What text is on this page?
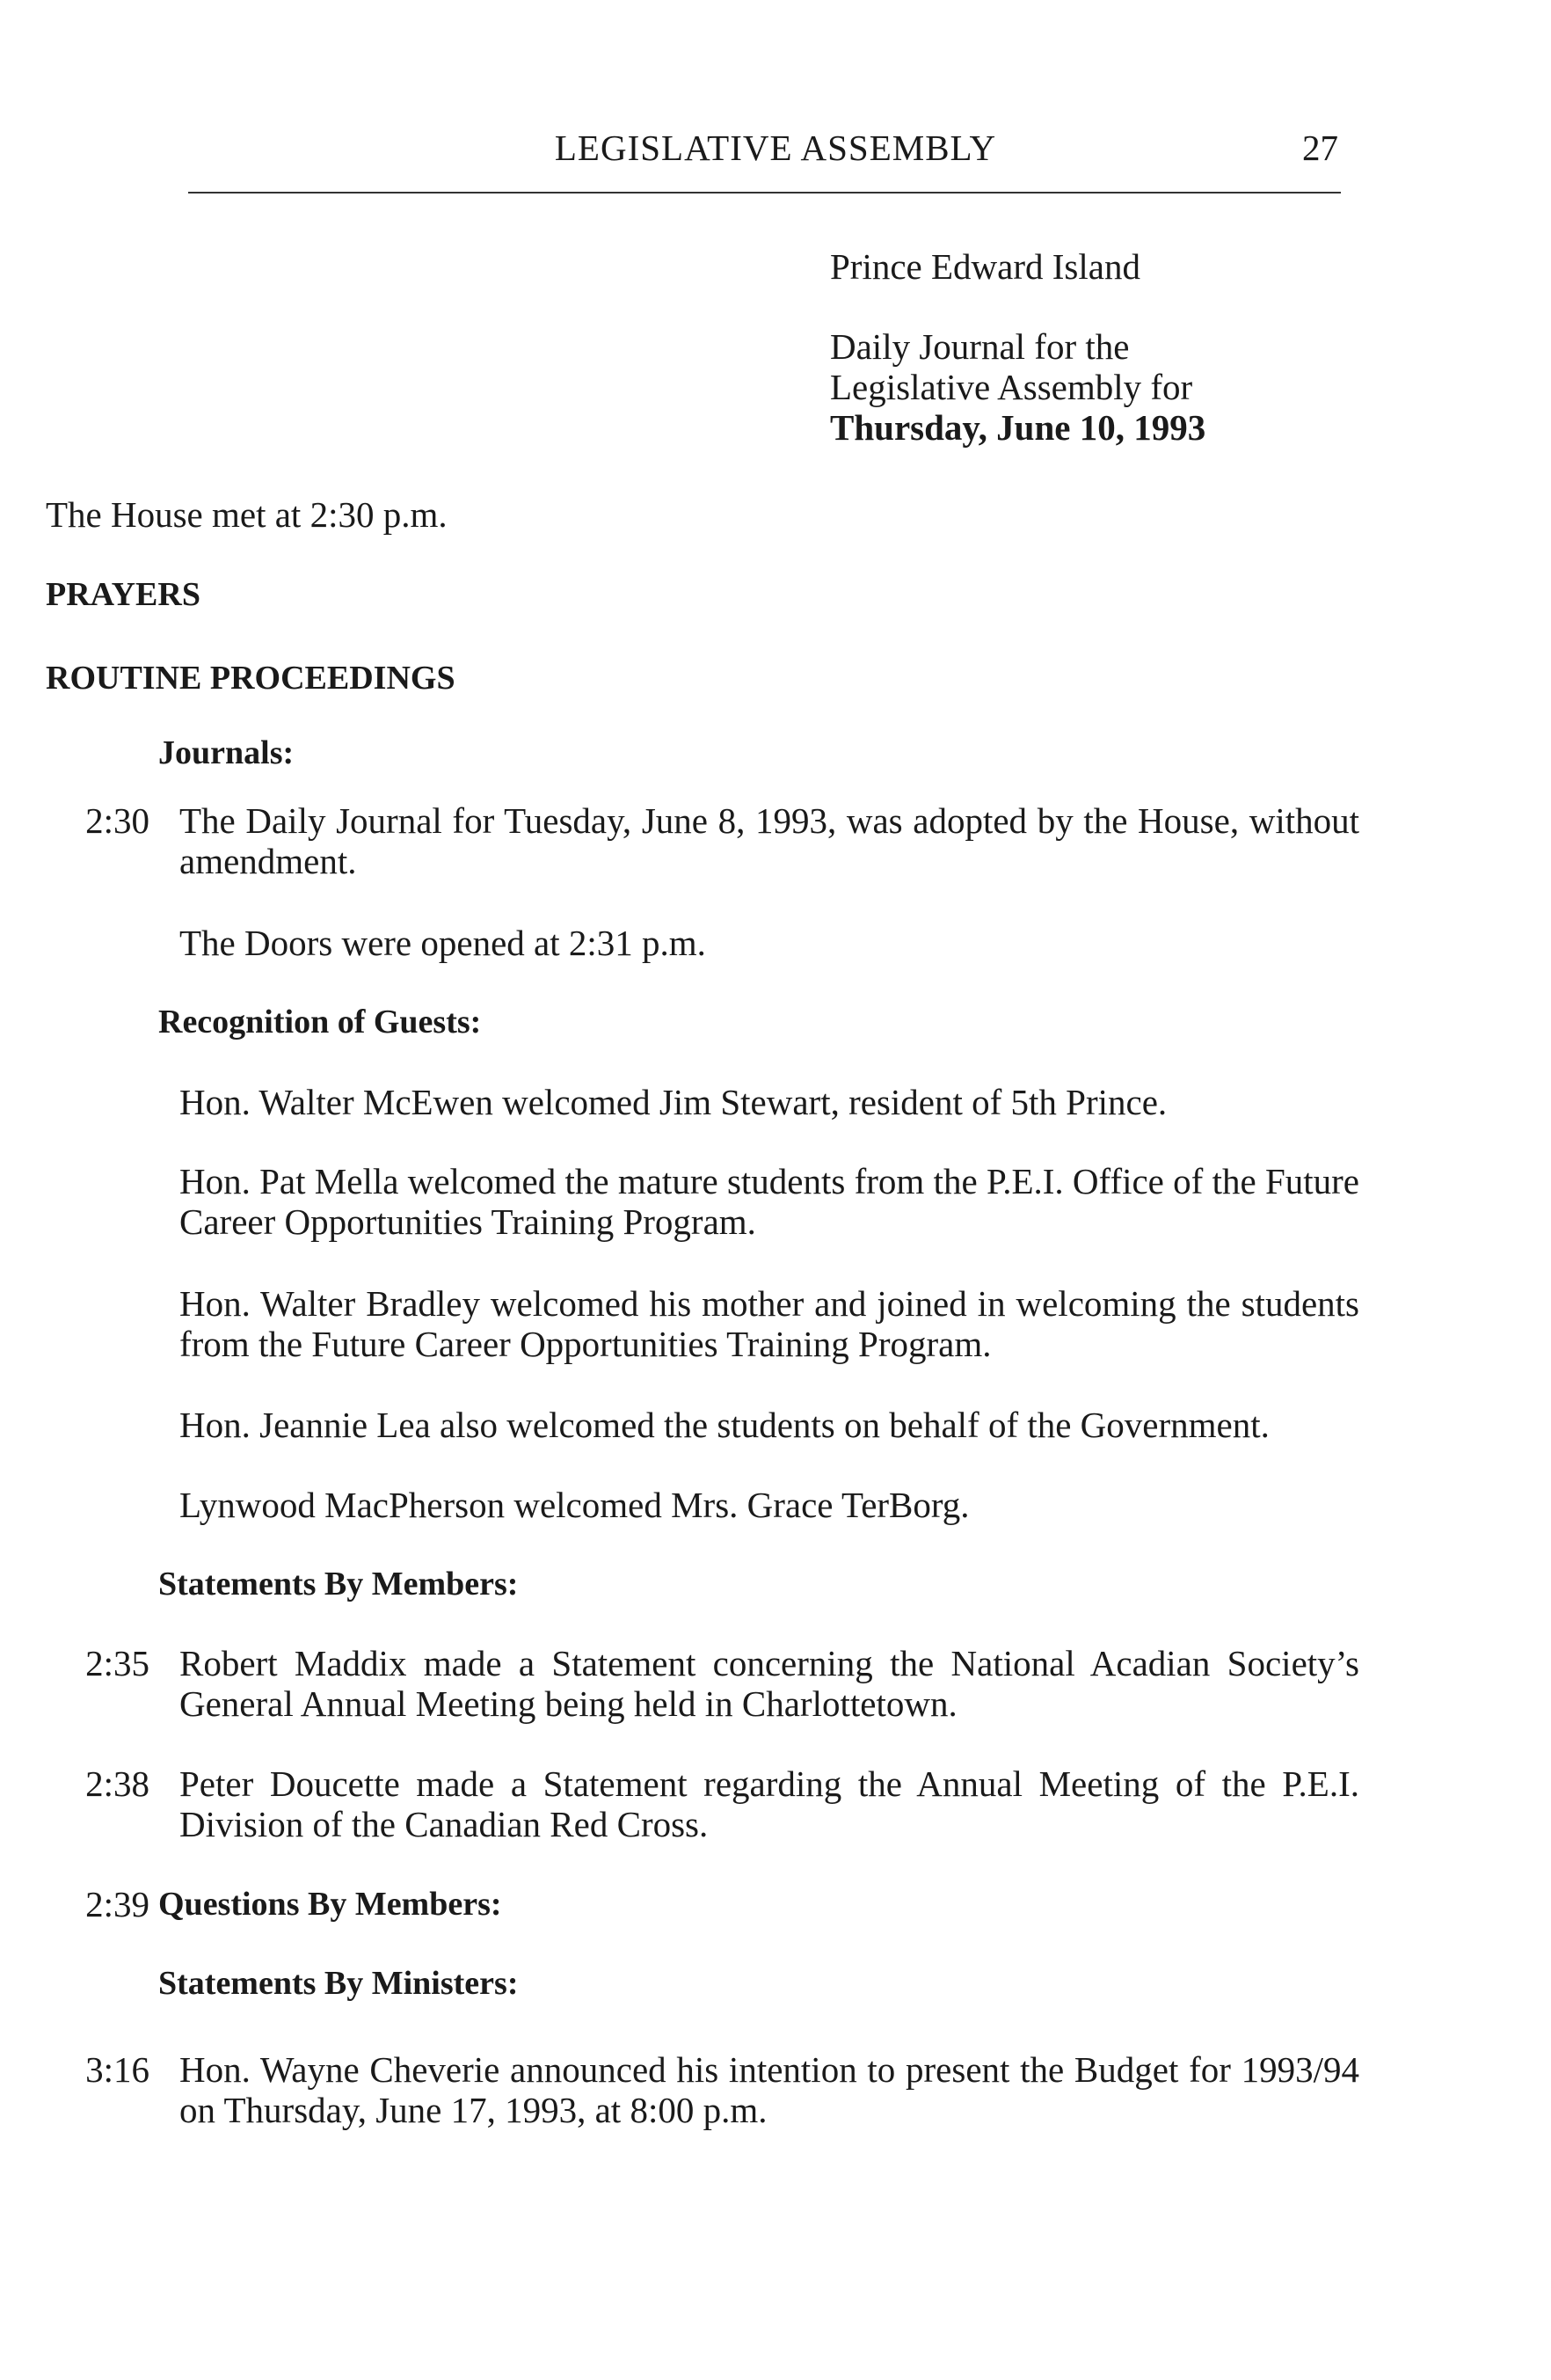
LEGISLATIVE ASSEMBLY	27
Prince Edward Island
Daily Journal for the
Legislative Assembly for
Thursday, June 10, 1993
The House met at 2:30 p.m.
PRAYERS
ROUTINE PROCEEDINGS
Journals:
2:30 The Daily Journal for Tuesday, June 8, 1993, was adopted by the House, without amendment.
The Doors were opened at 2:31 p.m.
Recognition of Guests:
Hon. Walter McEwen welcomed Jim Stewart, resident of 5th Prince.
Hon. Pat Mella welcomed the mature students from the P.E.I. Office of the Future Career Opportunities Training Program.
Hon. Walter Bradley welcomed his mother and joined in welcoming the students from the Future Career Opportunities Training Program.
Hon. Jeannie Lea also welcomed the students on behalf of the Government.
Lynwood MacPherson welcomed Mrs. Grace TerBorg.
Statements By Members:
2:35 Robert Maddix made a Statement concerning the National Acadian Society’s General Annual Meeting being held in Charlottetown.
2:38 Peter Doucette made a Statement regarding the Annual Meeting of the P.E.I. Division of the Canadian Red Cross.
2:39 Questions By Members:
Statements By Ministers:
3:16 Hon. Wayne Cheverie announced his intention to present the Budget for 1993/94 on Thursday, June 17, 1993, at 8:00 p.m.
